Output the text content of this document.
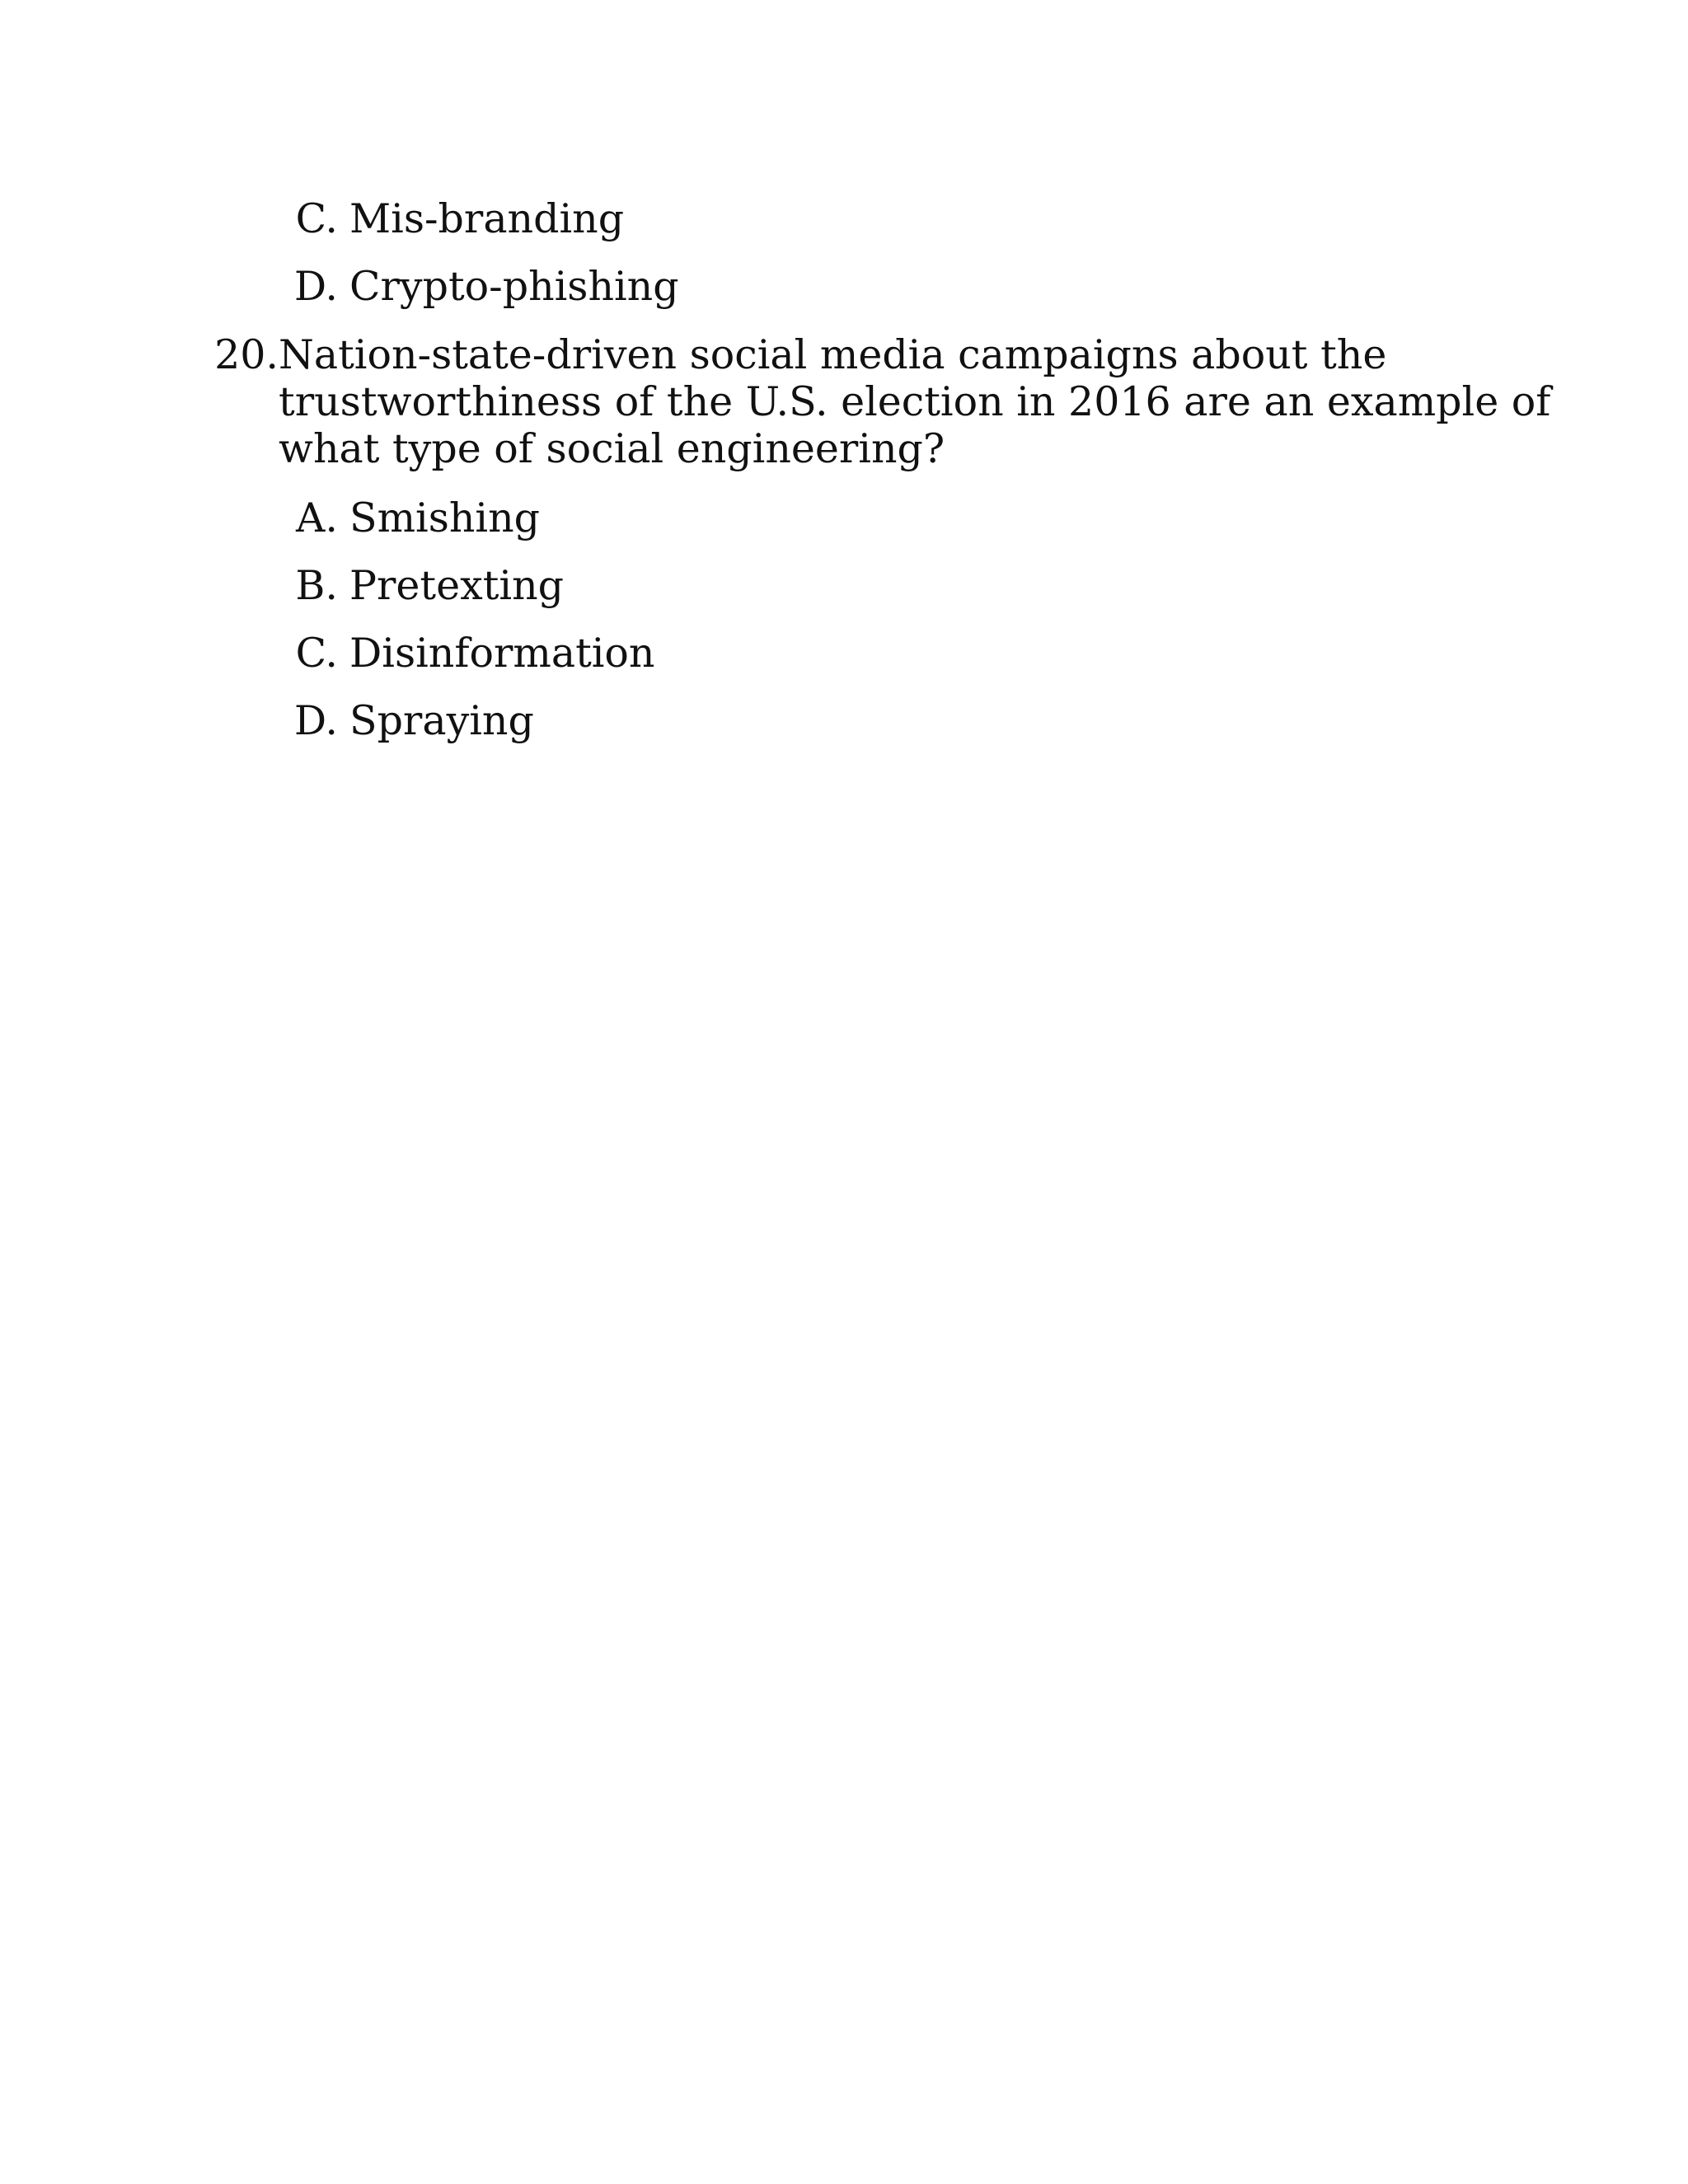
C. Mis-branding
D. Crypto-phishing
20. Nation-state-driven social media campaigns about the
trustworthiness of the U.S. election in 2016 are an example of
what type of social engineering?
A. Smishing
B. Pretexting
C. Disinformation
D. Spraying
